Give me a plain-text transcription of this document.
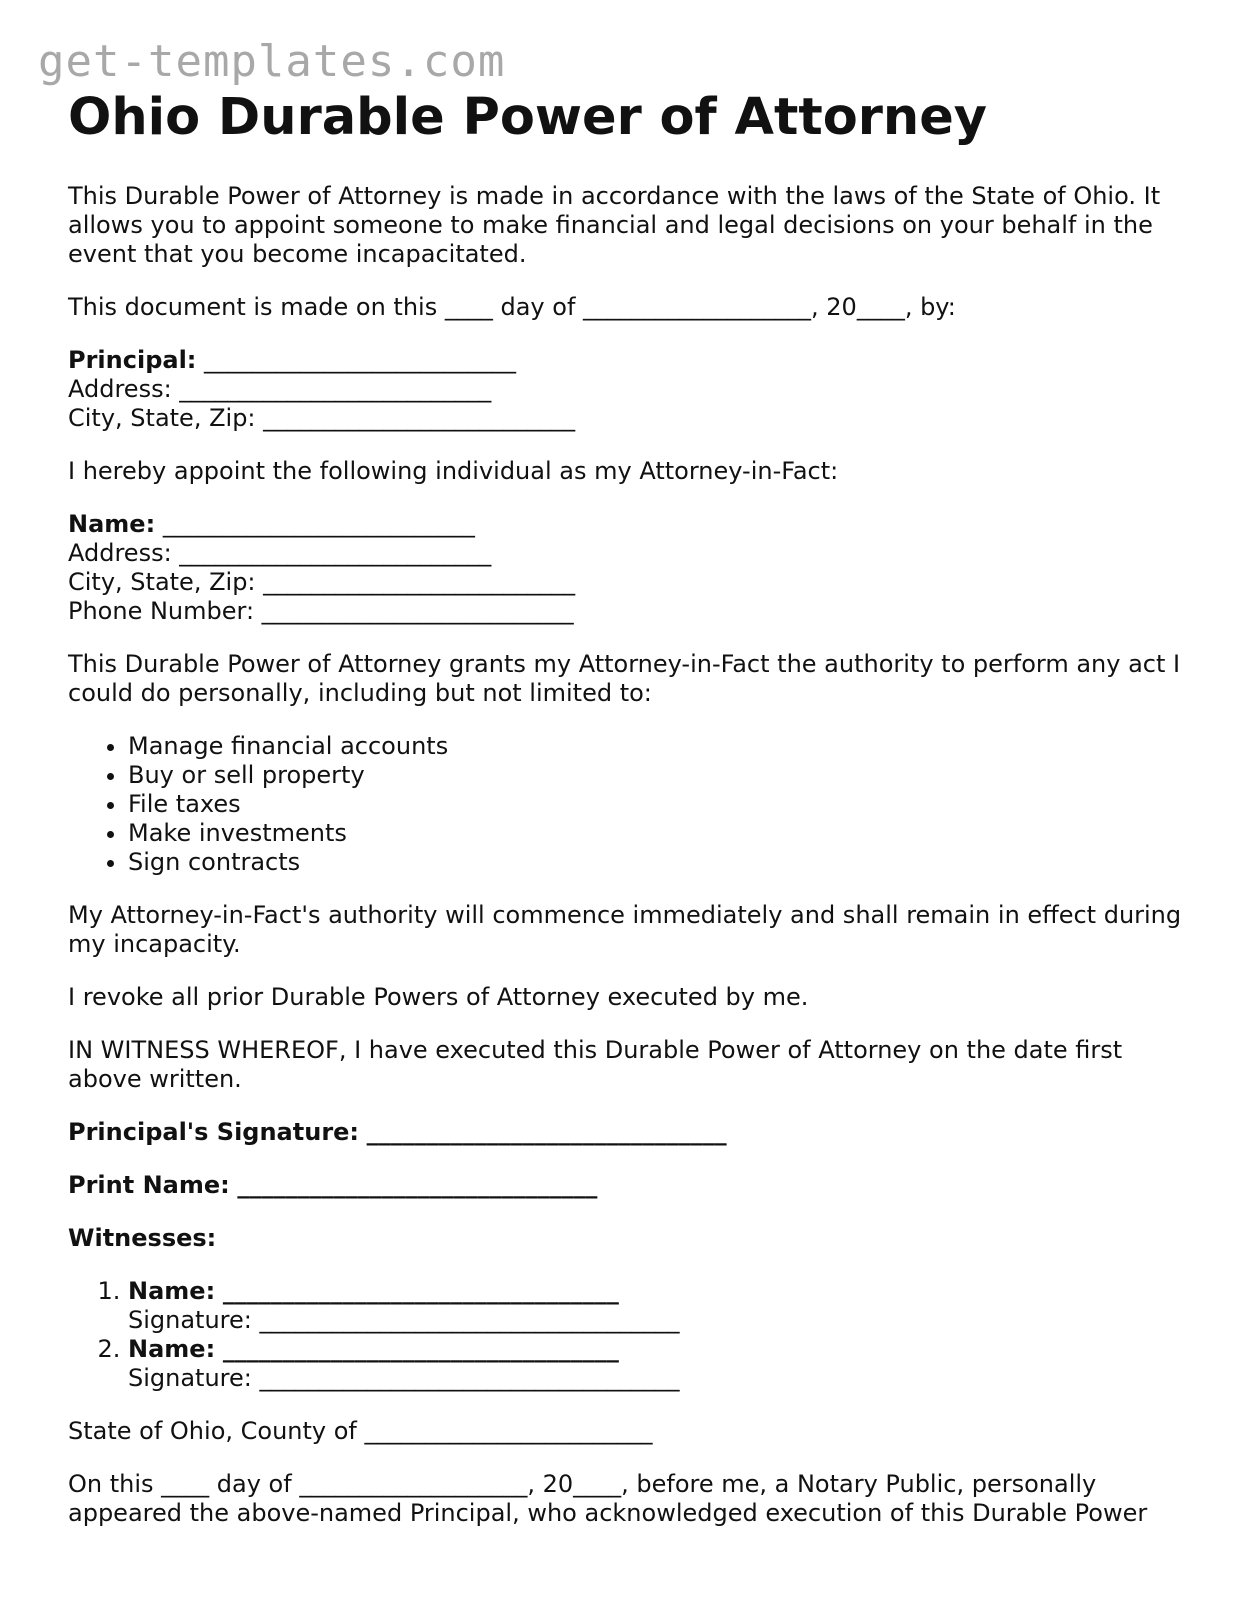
get-templates.com
Ohio Durable Power of Attorney

This Durable Power of Attorney is made in accordance with the laws of the State of Ohio. It allows you to appoint someone to make financial and legal decisions on your behalf in the event that you become incapacitated.

This document is made on this ____ day of ___________________, 20____, by:

Principal: __________________________
Address: __________________________
City, State, Zip: __________________________

I hereby appoint the following individual as my Attorney-in-Fact:

Name: __________________________
Address: __________________________
City, State, Zip: __________________________
Phone Number: __________________________

This Durable Power of Attorney grants my Attorney-in-Fact the authority to perform any act I could do personally, including but not limited to:

• Manage financial accounts
• Buy or sell property
• File taxes
• Make investments
• Sign contracts

My Attorney-in-Fact's authority will commence immediately and shall remain in effect during my incapacity.

I revoke all prior Durable Powers of Attorney executed by me.

IN WITNESS WHEREOF, I have executed this Durable Power of Attorney on the date first above written.

Principal's Signature: ______________________________

Print Name: ______________________________

Witnesses:

1. Name: _________________________________
Signature: ___________________________________
2. Name: _________________________________
Signature: ___________________________________

State of Ohio, County of ________________________

On this ____ day of ___________________, 20____, before me, a Notary Public, personally appeared the above-named Principal, who acknowledged execution of this Durable Power
